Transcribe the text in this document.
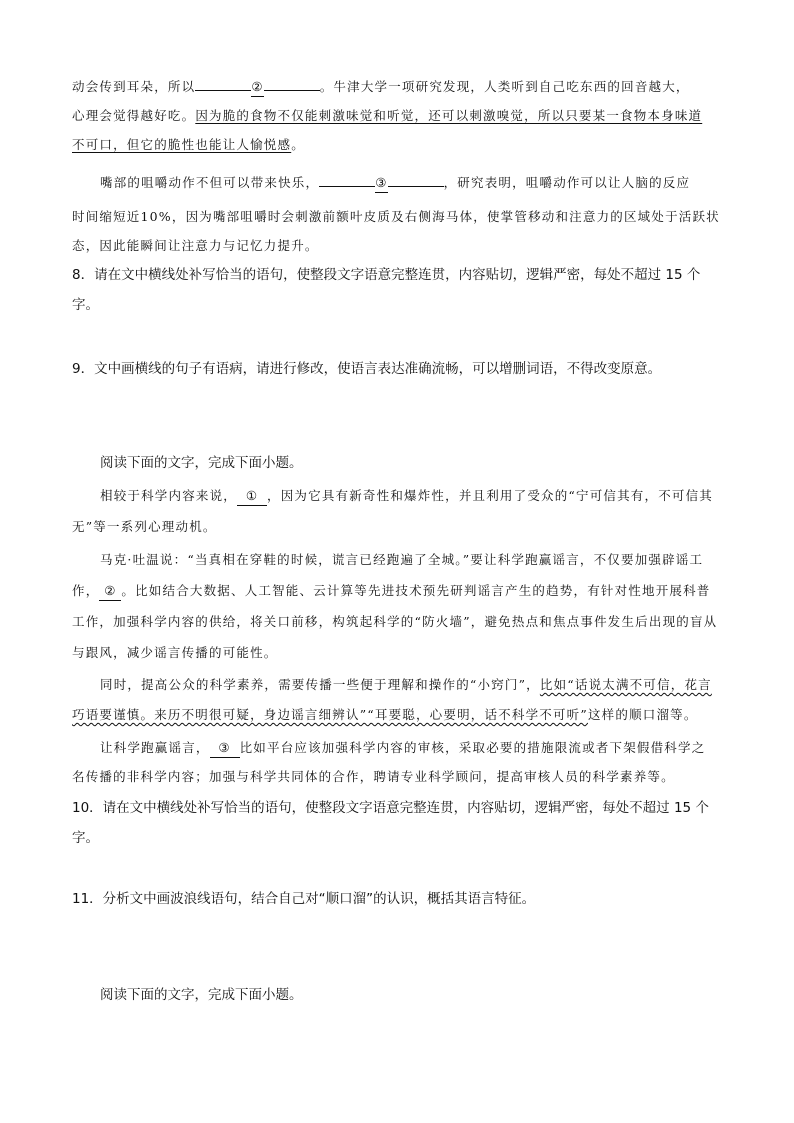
动会传到耳朵，所以	②	。牛津大学一项研究发现，人类听到自己吃东西的回音越大，

心理会觉得越好吃。因为脆的食物不仅能刺激味觉和听觉，还可以刺激嗅觉，所以只要某一食物本身味道

不可口，但它的脆性也能让人愉悦感。

嘴部的咀嚼动作不但可以带来快乐，	③	，研究表明，咀嚼动作可以让人脑的反应

时间缩短近10%，因为嘴部咀嚼时会刺激前额叶皮质及右侧海马体，使掌管移动和注意力的区域处于活跃状

态，因此能瞬间让注意力与记忆力提升。

8．请在文中横线处补写恰当的语句，使整段文字语意完整连贯，内容贴切，逻辑严密，每处不超过 15 个

字。

9．文中画横线的句子有语病，请进行修改，使语言表达准确流畅，可以增删词语，不得改变原意。

阅读下面的文字，完成下面小题。

相较于科学内容来说， ① ，因为它具有新奇性和爆炸性，并且利用了受众的“宁可信其有，不可信其

无”等一系列心理动机。

马克·吐温说：“当真相在穿鞋的时候，谎言已经跑遍了全城。”要让科学跑赢谣言，不仅要加强辟谣工

作， ② 。比如结合大数据、人工智能、云计算等先进技术预先研判谣言产生的趋势，有针对性地开展科普

工作，加强科学内容的供给，将关口前移，构筑起科学的“防火墙”，避免热点和焦点事件发生后出现的盲从

与跟风，减少谣言传播的可能性。

同时，提高公众的科学素养，需要传播一些便于理解和操作的“小窍门”，比如“话说太满不可信，花言

巧语要谨慎。来历不明很可疑，身边谣言细辨认”“耳要聪，心要明，话不科学不可听”这样的顺口溜等。

让科学跑赢谣言， ③ 比如平台应该加强科学内容的审核，采取必要的措施限流或者下架假借科学之

名传播的非科学内容；加强与科学共同体的合作，聘请专业科学顾问，提高审核人员的科学素养等。

10．请在文中横线处补写恰当的语句，使整段文字语意完整连贯，内容贴切，逻辑严密，每处不超过 15 个

字。

11．分析文中画波浪线语句，结合自己对“顺口溜”的认识，概括其语言特征。

阅读下面的文字，完成下面小题。
